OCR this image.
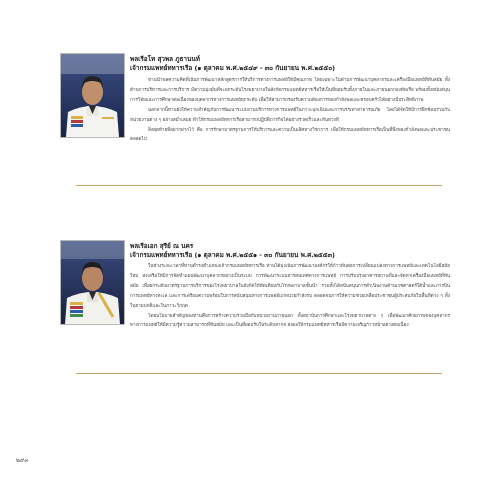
พลเรือโท สุวพล ภูธานนท์
เจ้ากรมแพทย์ทหารเรือ (๑ ตุลาคม พ.ศ.๒๕๔๙ - ๓๐ กันยายน พ.ศ.๒๕๕๐)

ท่านนำพลความคิดที่เน้นการพัฒนาหลักสูตรการให้บริการทางการแพทย์ให้มีคุณภาพ โดยเฉพาะในด้านการพัฒนาบุคลากรและเครื่องมือแพทย์ที่ทันสมัย ทั้งด้านการบริหารและการบริการ มีความมุ่งมั่นที่จะยกระดับโรงพยาบาลในสังกัดกรมแพทย์ทหารเรือให้เป็นที่ยอมรับทั้งภายในและภายนอกกองทัพเรือ พร้อมทั้งสนับสนุนการวิจัยและการศึกษาต่อเนื่องของบุคลากรทางการแพทย์ทุกระดับ เพื่อให้สามารถรองรับความต้องการของกำลังพลและครอบครัวได้อย่างมีประสิทธิภาพ

นอกจากนี้ท่านยังให้ความสำคัญกับการพัฒนาระบบงานบริการทางการแพทย์ในภาวะฉุกเฉินและการบรรเทาสาธารณภัย โดยได้จัดให้มีการฝึกซ้อมร่วมกับหน่วยงานต่าง ๆ อย่างสม่ำเสมอ ทำให้กรมแพทย์ทหารเรือสามารถปฏิบัติภารกิจได้อย่างรวดเร็วและทันท่วงที

สิ่งสุดท้ายที่อยากฝากไว้ คือ การรักษามาตรฐานการให้บริการและความเป็นเลิศทางวิชาการ เพื่อให้กรมแพทย์ทหารเรือเป็นที่พึ่งของกำลังพลและประชาชนตลอดไป

พลเรือเอก สุรีย์ ณ นคร
เจ้ากรมแพทย์ทหารเรือ (๑ ตุลาคม พ.ศ.๒๕๕๑ - ๓๐ กันยายน พ.ศ.๒๕๕๓)

ในช่วงระยะเวลาที่ท่านดำรงตำแหน่งเจ้ากรมแพทย์ทหารเรือ ท่านได้มุ่งเน้นการพัฒนาองค์กรให้ก้าวทันต่อการเปลี่ยนแปลงทางการแพทย์และเทคโนโลยีสมัยใหม่ ส่งเสริมให้มีการจัดทำแผนพัฒนาบุคลากรอย่างเป็นระบบ การพัฒนาระบบสารสนเทศทางการแพทย์ การปรับปรุงอาคารสถานที่และจัดหาเครื่องมือแพทย์ที่ทันสมัย เพื่อยกระดับมาตรฐานการบริการของโรงพยาบาลในสังกัดให้ทัดเทียมกับโรงพยาบาลชั้นนำ รวมทั้งได้สนับสนุนการดำเนินงานด้านเวชศาสตร์ใต้น้ำและการบิน การแพทย์ทางทะเล และการเตรียมความพร้อมในการสนับสนุนทางการแพทย์แก่หน่วยกำลังรบ ตลอดจนการให้ความช่วยเหลือประชาชนผู้ประสบภัยในพื้นที่ต่าง ๆ ทั้งในยามปกติและในภาวะวิกฤต

โดยนโยบายสำคัญของท่านคือการสร้างความร่วมมือกับหน่วยงานภายนอก ทั้งสถาบันการศึกษาและโรงพยาบาลต่าง ๆ เพื่อพัฒนาศักยภาพของบุคลากรทางการแพทย์ให้มีความรู้ความสามารถที่ทันสมัย และเป็นที่ยอมรับในระดับสากล ส่งผลให้กรมแพทย์ทหารเรือมีความเจริญก้าวหน้าอย่างต่อเนื่อง

๒๙๓
